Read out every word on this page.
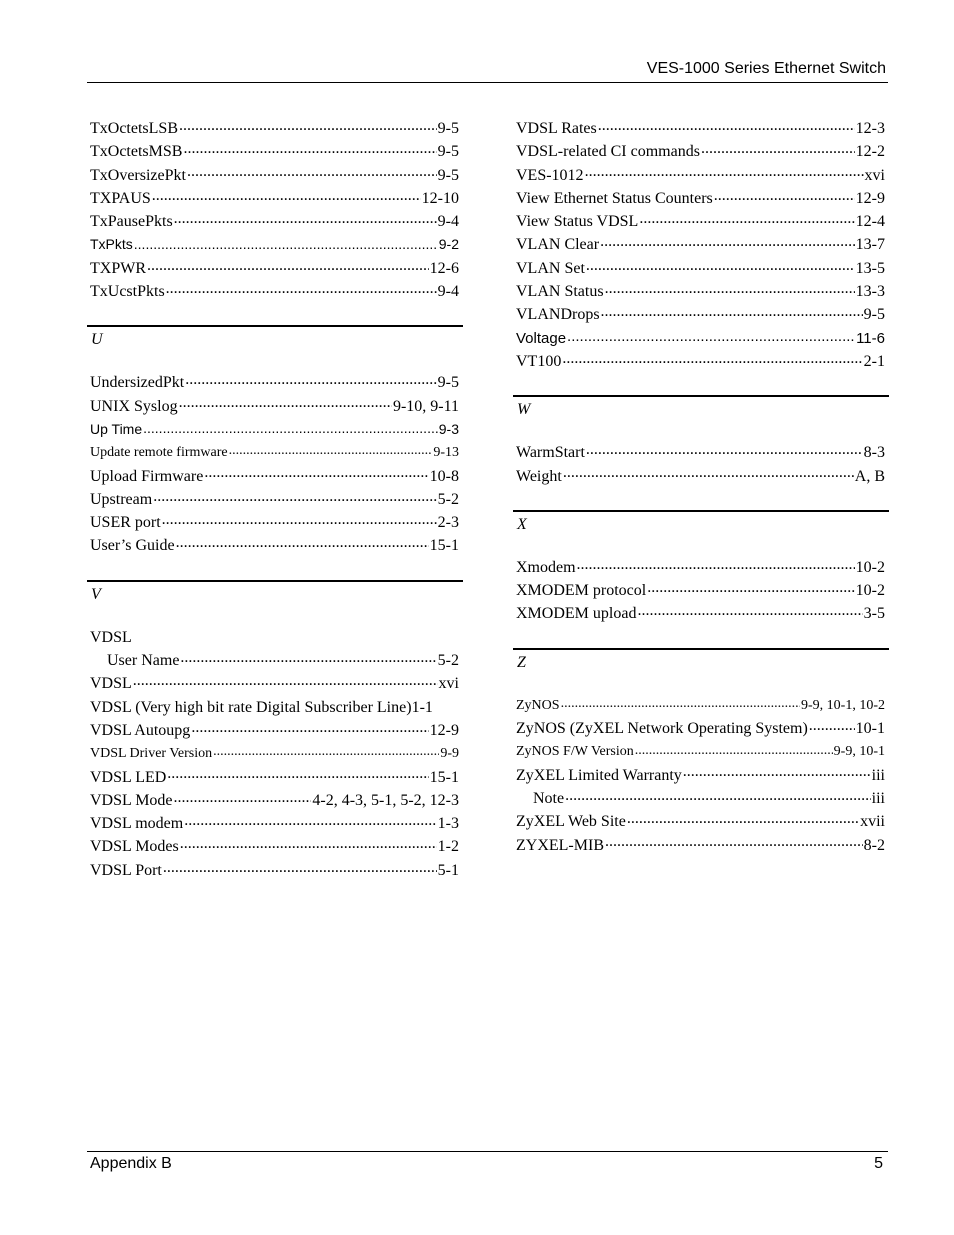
VES-1000 Series Ethernet Switch
TxOctetsLSB .....	9-5
TxOctetsMSB .....	9-5
TxOversizePkt .....	9-5
TXPAUS .....	12-10
TxPausePkts .....	9-4
TxPkts .....	9-2
TXPWR .....	12-6
TxUcstPkts .....	9-4
U
UndersizedPkt .....	9-5
UNIX Syslog .....	9-10, 9-11
Up Time .....	9-3
Update remote firmware .....	9-13
Upload Firmware .....	10-8
Upstream .....	5-2
USER port .....	2-3
User’s Guide .....	15-1
V
VDSL
User Name .....	5-2
VDSL .....	xvi
VDSL (Very high bit rate Digital Subscriber Line) 1-1
VDSL Autoupg .....	12-9
VDSL Driver Version .....	9-9
VDSL LED .....	15-1
VDSL Mode .....	4-2, 4-3, 5-1, 5-2, 12-3
VDSL modem .....	1-3
VDSL Modes .....	1-2
VDSL Port .....	5-1
VDSL Rates .....	12-3
VDSL-related CI commands .....	12-2
VES-1012 .....	xvi
View Ethernet Status Counters .....	12-9
View Status VDSL .....	12-4
VLAN Clear .....	13-7
VLAN Set .....	13-5
VLAN Status .....	13-3
VLANDrops .....	9-5
Voltage .....	11-6
VT100 .....	2-1
W
WarmStart .....	8-3
Weight .....	A, B
X
Xmodem .....	10-2
XMODEM protocol .....	10-2
XMODEM upload .....	3-5
Z
ZyNOS .....	9-9, 10-1, 10-2
ZyNOS (ZyXEL Network Operating System) .....	10-1
ZyNOS F/W Version .....	9-9, 10-1
ZyXEL Limited Warranty .....	iii
Note .....	iii
ZyXEL Web Site .....	xvii
ZYXEL-MIB .....	8-2
Appendix B	5
